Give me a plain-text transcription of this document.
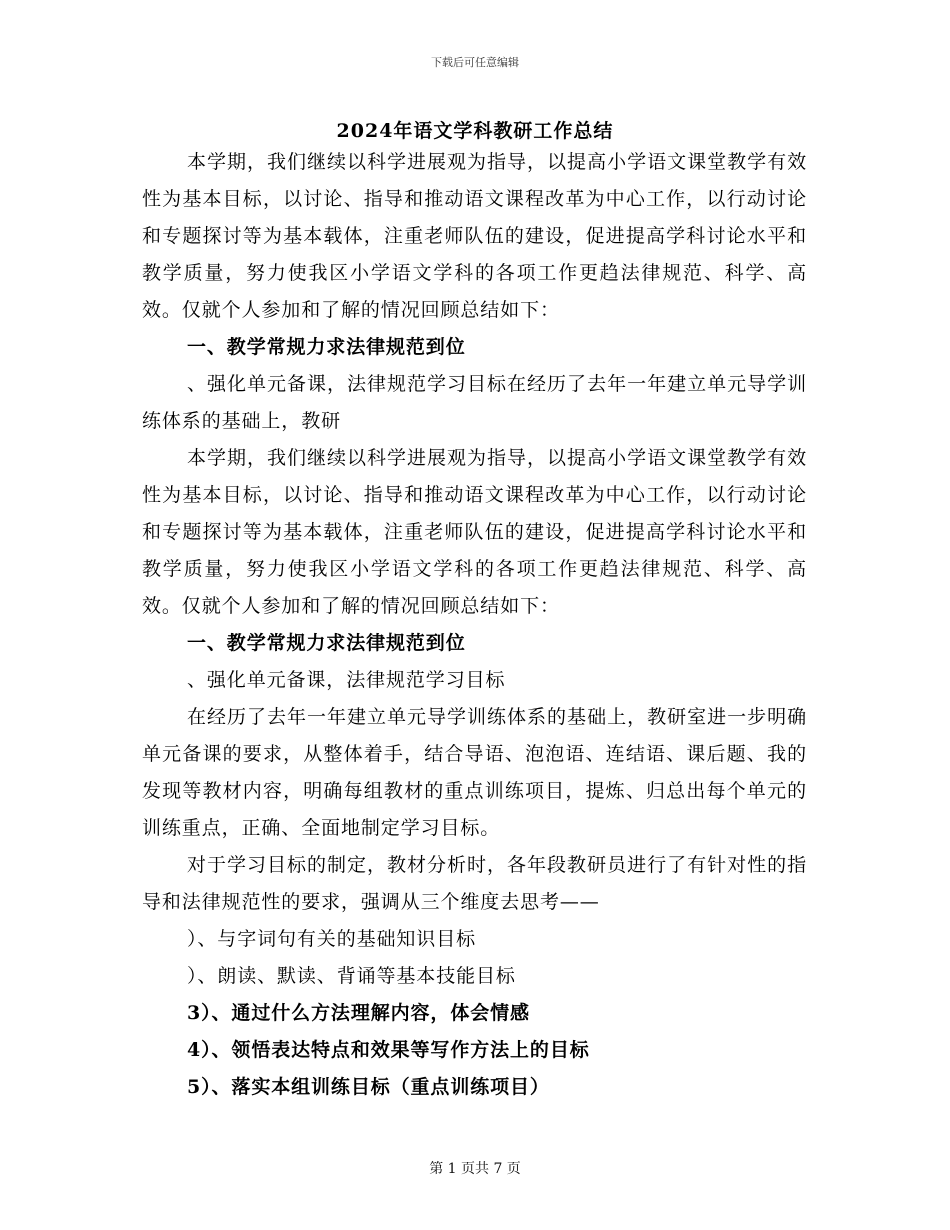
下载后可任意编辑
2024年语文学科教研工作总结

本学期，我们继续以科学进展观为指导，以提高小学语文课堂教学有效性为基本目标，以讨论、指导和推动语文课程改革为中心工作，以行动讨论和专题探讨等为基本载体，注重老师队伍的建设，促进提高学科讨论水平和教学质量，努力使我区小学语文学科的各项工作更趋法律规范、科学、高效。仅就个人参加和了解的情况回顾总结如下：

一、教学常规力求法律规范到位

、强化单元备课，法律规范学习目标在经历了去年一年建立单元导学训练体系的基础上，教研

本学期，我们继续以科学进展观为指导，以提高小学语文课堂教学有效性为基本目标，以讨论、指导和推动语文课程改革为中心工作，以行动讨论和专题探讨等为基本载体，注重老师队伍的建设，促进提高学科讨论水平和教学质量，努力使我区小学语文学科的各项工作更趋法律规范、科学、高效。仅就个人参加和了解的情况回顾总结如下：

一、教学常规力求法律规范到位

、强化单元备课，法律规范学习目标

在经历了去年一年建立单元导学训练体系的基础上，教研室进一步明确单元备课的要求，从整体着手，结合导语、泡泡语、连结语、课后题、我的发现等教材内容，明确每组教材的重点训练项目，提炼、归总出每个单元的训练重点，正确、全面地制定学习目标。

对于学习目标的制定，教材分析时，各年段教研员进行了有针对性的指导和法律规范性的要求，强调从三个维度去思考——

）、与字词句有关的基础知识目标

）、朗读、默读、背诵等基本技能目标

3）、通过什么方法理解内容，体会情感

4）、领悟表达特点和效果等写作方法上的目标

5）、落实本组训练目标（重点训练项目）

第 1 页共 7 页
